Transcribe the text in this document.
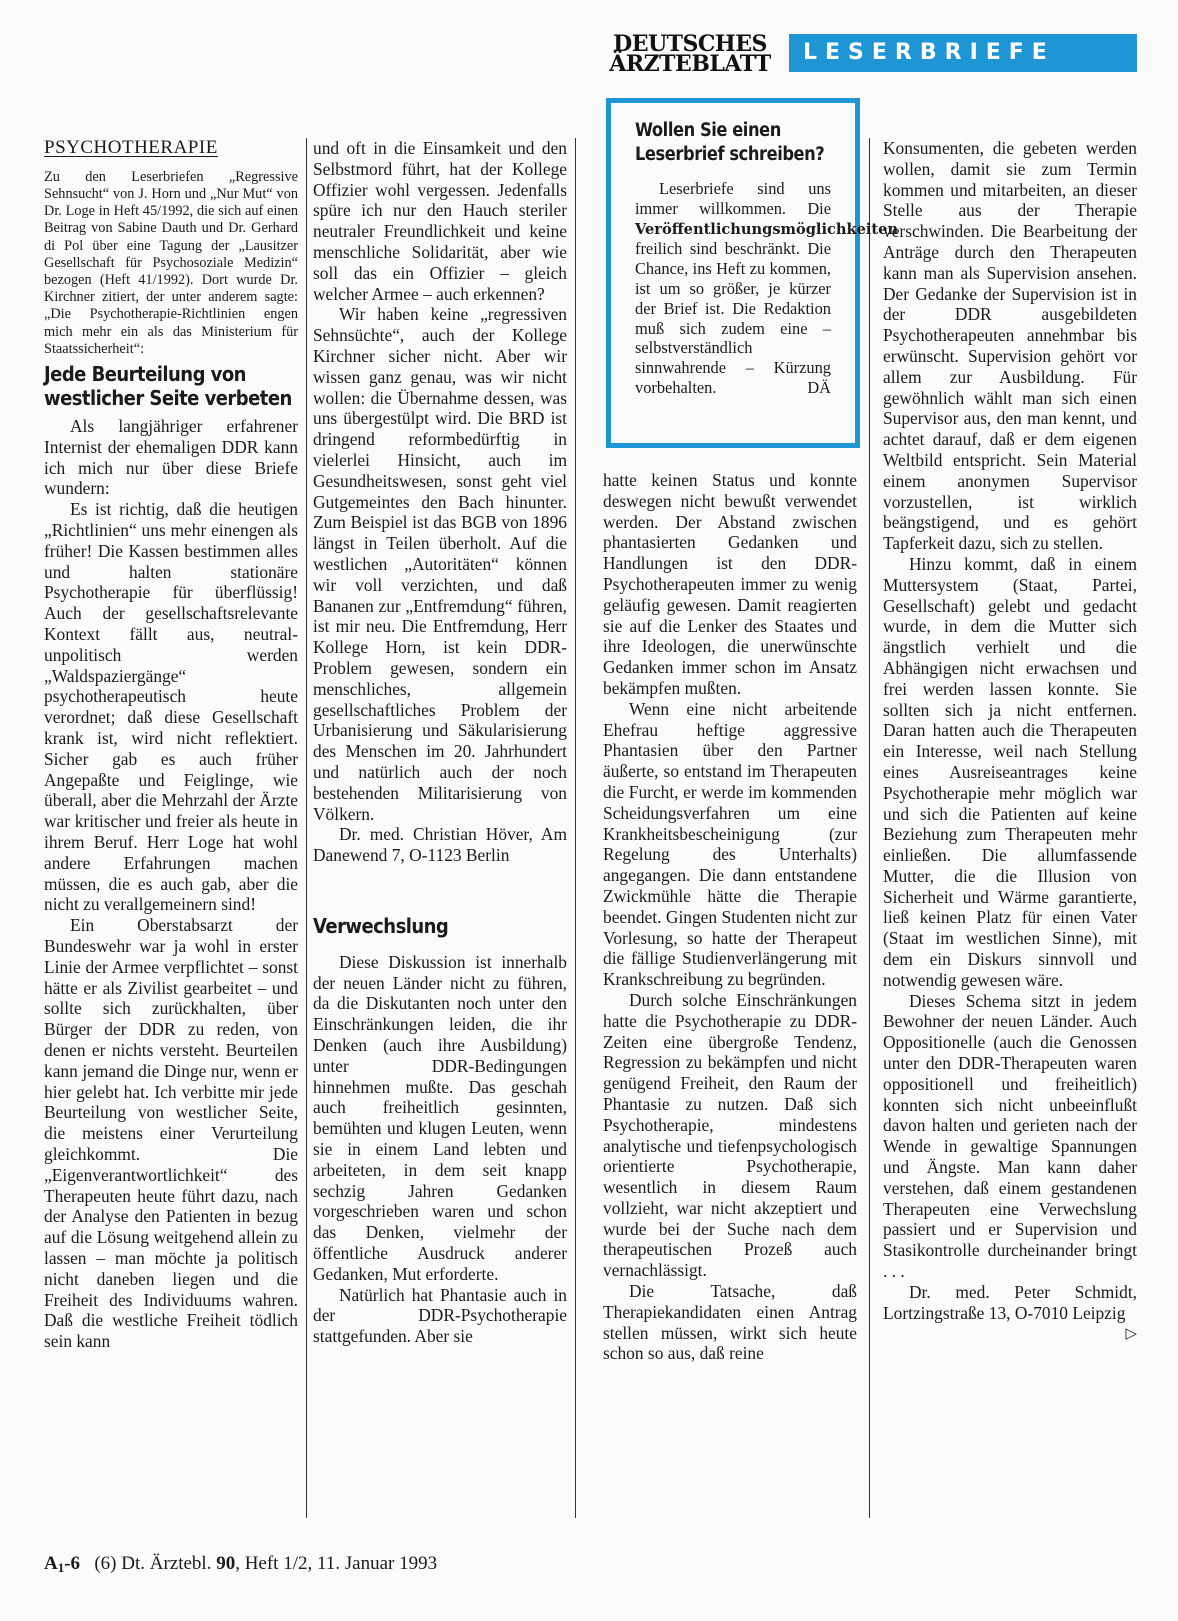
DEUTSCHES
ÄRZTEBLATT	LESERBRIEFE
PSYCHOTHERAPIE

Zu den Leserbriefen „Regressive Sehnsucht“ von J. Horn und „Nur Mut“ von Dr. Loge in Heft 45/1992, die sich auf einen Beitrag von Sabine Dauth und Dr. Gerhard di Pol über eine Tagung der „Lausitzer Gesellschaft für Psychosoziale Medizin“ bezogen (Heft 41/1992). Dort wurde Dr. Kirchner zitiert, der unter anderem sagte: „Die Psychotherapie-Richtlinien engen mich mehr ein als das Ministerium für Staatssicherheit“:

Jede Beurteilung von westlicher Seite verbeten

Als langjähriger erfahrener Internist der ehemaligen DDR kann ich mich nur über diese Briefe wundern:

Es ist richtig, daß die heutigen „Richtlinien“ uns mehr einengen als früher! Die Kassen bestimmen alles und halten stationäre Psychotherapie für überflüssig! Auch der gesellschaftsrelevante Kontext fällt aus, neutral-unpolitisch werden „Waldspaziergänge“ psychotherapeutisch heute verordnet; daß diese Gesellschaft krank ist, wird nicht reflektiert. Sicher gab es auch früher Angepaßte und Feiglinge, wie überall, aber die Mehrzahl der Ärzte war kritischer und freier als heute in ihrem Beruf. Herr Loge hat wohl andere Erfahrungen machen müssen, die es auch gab, aber die nicht zu verallgemeinern sind!

Ein Oberstabsarzt der Bundeswehr war ja wohl in erster Linie der Armee verpflichtet – sonst hätte er als Zivilist gearbeitet – und sollte sich zurückhalten, über Bürger der DDR zu reden, von denen er nichts versteht. Beurteilen kann jemand die Dinge nur, wenn er hier gelebt hat. Ich verbitte mir jede Beurteilung von westlicher Seite, die meistens einer Verurteilung gleichkommt. Die „Eigenverantwortlichkeit“ des Therapeuten heute führt dazu, nach der Analyse den Patienten in bezug auf die Lösung weitgehend allein zu lassen – man möchte ja politisch nicht daneben liegen und die Freiheit des Individuums wahren. Daß die westliche Freiheit tödlich sein kann

und oft in die Einsamkeit und den Selbstmord führt, hat der Kollege Offizier wohl vergessen. Jedenfalls spüre ich nur den Hauch steriler neutraler Freundlichkeit und keine menschliche Solidarität, aber wie soll das ein Offizier – gleich welcher Armee – auch erkennen?

Wir haben keine „regressiven Sehnsüchte“, auch der Kollege Kirchner sicher nicht. Aber wir wissen ganz genau, was wir nicht wollen: die Übernahme dessen, was uns übergestülpt wird. Die BRD ist dringend reformbedürftig in vielerlei Hinsicht, auch im Gesundheitswesen, sonst geht viel Gutgemeintes den Bach hinunter. Zum Beispiel ist das BGB von 1896 längst in Teilen überholt. Auf die westlichen „Autoritäten“ können wir voll verzichten, und daß Bananen zur „Entfremdung“ führen, ist mir neu. Die Entfremdung, Herr Kollege Horn, ist kein DDR-Problem gewesen, sondern ein menschliches, allgemein gesellschaftliches Problem der Urbanisierung und Säkularisierung des Menschen im 20. Jahrhundert und natürlich auch der noch bestehenden Militarisierung von Völkern.

Dr. med. Christian Höver, Am Danewend 7, O-1123 Berlin

Verwechslung

Diese Diskussion ist innerhalb der neuen Länder nicht zu führen, da die Diskutanten noch unter den Einschränkungen leiden, die ihr Denken (auch ihre Ausbildung) unter DDR-Bedingungen hinnehmen mußte. Das geschah auch freiheitlich gesinnten, bemühten und klugen Leuten, wenn sie in einem Land lebten und arbeiteten, in dem seit knapp sechzig Jahren Gedanken vorgeschrieben waren und schon das Denken, vielmehr der öffentliche Ausdruck anderer Gedanken, Mut erforderte.

Natürlich hat Phantasie auch in der DDR-Psychotherapie stattgefunden. Aber sie

Wollen Sie einen Leserbrief schreiben?

Leserbriefe sind uns immer willkommen. Die Veröffentlichungsmöglichkeiten freilich sind beschränkt. Die Chance, ins Heft zu kommen, ist um so größer, je kürzer der Brief ist. Die Redaktion muß sich zudem eine – selbstverständlich sinnwahrende – Kürzung vorbehalten.	DÄ

hatte keinen Status und konnte deswegen nicht bewußt verwendet werden. Der Abstand zwischen phantasierten Gedanken und Handlungen ist den DDR-Psychotherapeuten immer zu wenig geläufig gewesen. Damit reagierten sie auf die Lenker des Staates und ihre Ideologen, die unerwünschte Gedanken immer schon im Ansatz bekämpfen mußten.

Wenn eine nicht arbeitende Ehefrau heftige aggressive Phantasien über den Partner äußerte, so entstand im Therapeuten die Furcht, er werde im kommenden Scheidungsverfahren um eine Krankheitsbescheinigung (zur Regelung des Unterhalts) angegangen. Die dann entstandene Zwickmühle hätte die Therapie beendet. Gingen Studenten nicht zur Vorlesung, so hatte der Therapeut die fällige Studienverlängerung mit Krankschreibung zu begründen.

Durch solche Einschränkungen hatte die Psychotherapie zu DDR-Zeiten eine übergroße Tendenz, Regression zu bekämpfen und nicht genügend Freiheit, den Raum der Phantasie zu nutzen. Daß sich Psychotherapie, mindestens analytische und tiefenpsychologisch orientierte Psychotherapie, wesentlich in diesem Raum vollzieht, war nicht akzeptiert und wurde bei der Suche nach dem therapeutischen Prozeß auch vernachlässigt.

Die Tatsache, daß Therapiekandidaten einen Antrag stellen müssen, wirkt sich heute schon so aus, daß reine

Konsumenten, die gebeten werden wollen, damit sie zum Termin kommen und mitarbeiten, an dieser Stelle aus der Therapie verschwinden. Die Bearbeitung der Anträge durch den Therapeuten kann man als Supervision ansehen. Der Gedanke der Supervision ist in der DDR ausgebildeten Psychotherapeuten annehmbar bis erwünscht. Supervision gehört vor allem zur Ausbildung. Für gewöhnlich wählt man sich einen Supervisor aus, den man kennt, und achtet darauf, daß er dem eigenen Weltbild entspricht. Sein Material einem anonymen Supervisor vorzustellen, ist wirklich beängstigend, und es gehört Tapferkeit dazu, sich zu stellen.

Hinzu kommt, daß in einem Muttersystem (Staat, Partei, Gesellschaft) gelebt und gedacht wurde, in dem die Mutter sich ängstlich verhielt und die Abhängigen nicht erwachsen und frei werden lassen konnte. Sie sollten sich ja nicht entfernen. Daran hatten auch die Therapeuten ein Interesse, weil nach Stellung eines Ausreiseantrages keine Psychotherapie mehr möglich war und sich die Patienten auf keine Beziehung zum Therapeuten mehr einließen. Die allumfassende Mutter, die die Illusion von Sicherheit und Wärme garantierte, ließ keinen Platz für einen Vater (Staat im westlichen Sinne), mit dem ein Diskurs sinnvoll und notwendig gewesen wäre.

Dieses Schema sitzt in jedem Bewohner der neuen Länder. Auch Oppositionelle (auch die Genossen unter den DDR-Therapeuten waren oppositionell und freiheitlich) konnten sich nicht unbeeinflußt davon halten und gerieten nach der Wende in gewaltige Spannungen und Ängste. Man kann daher verstehen, daß einem gestandenen Therapeuten eine Verwechslung passiert und er Supervision und Stasikontrolle durcheinander bringt . . .

Dr. med. Peter Schmidt, Lortzingstraße 13, O-7010 Leipzig
▷

$A_1-6$ (6) Dt. Ärztebl. 90, Heft 1/2, 11. Januar 1993
